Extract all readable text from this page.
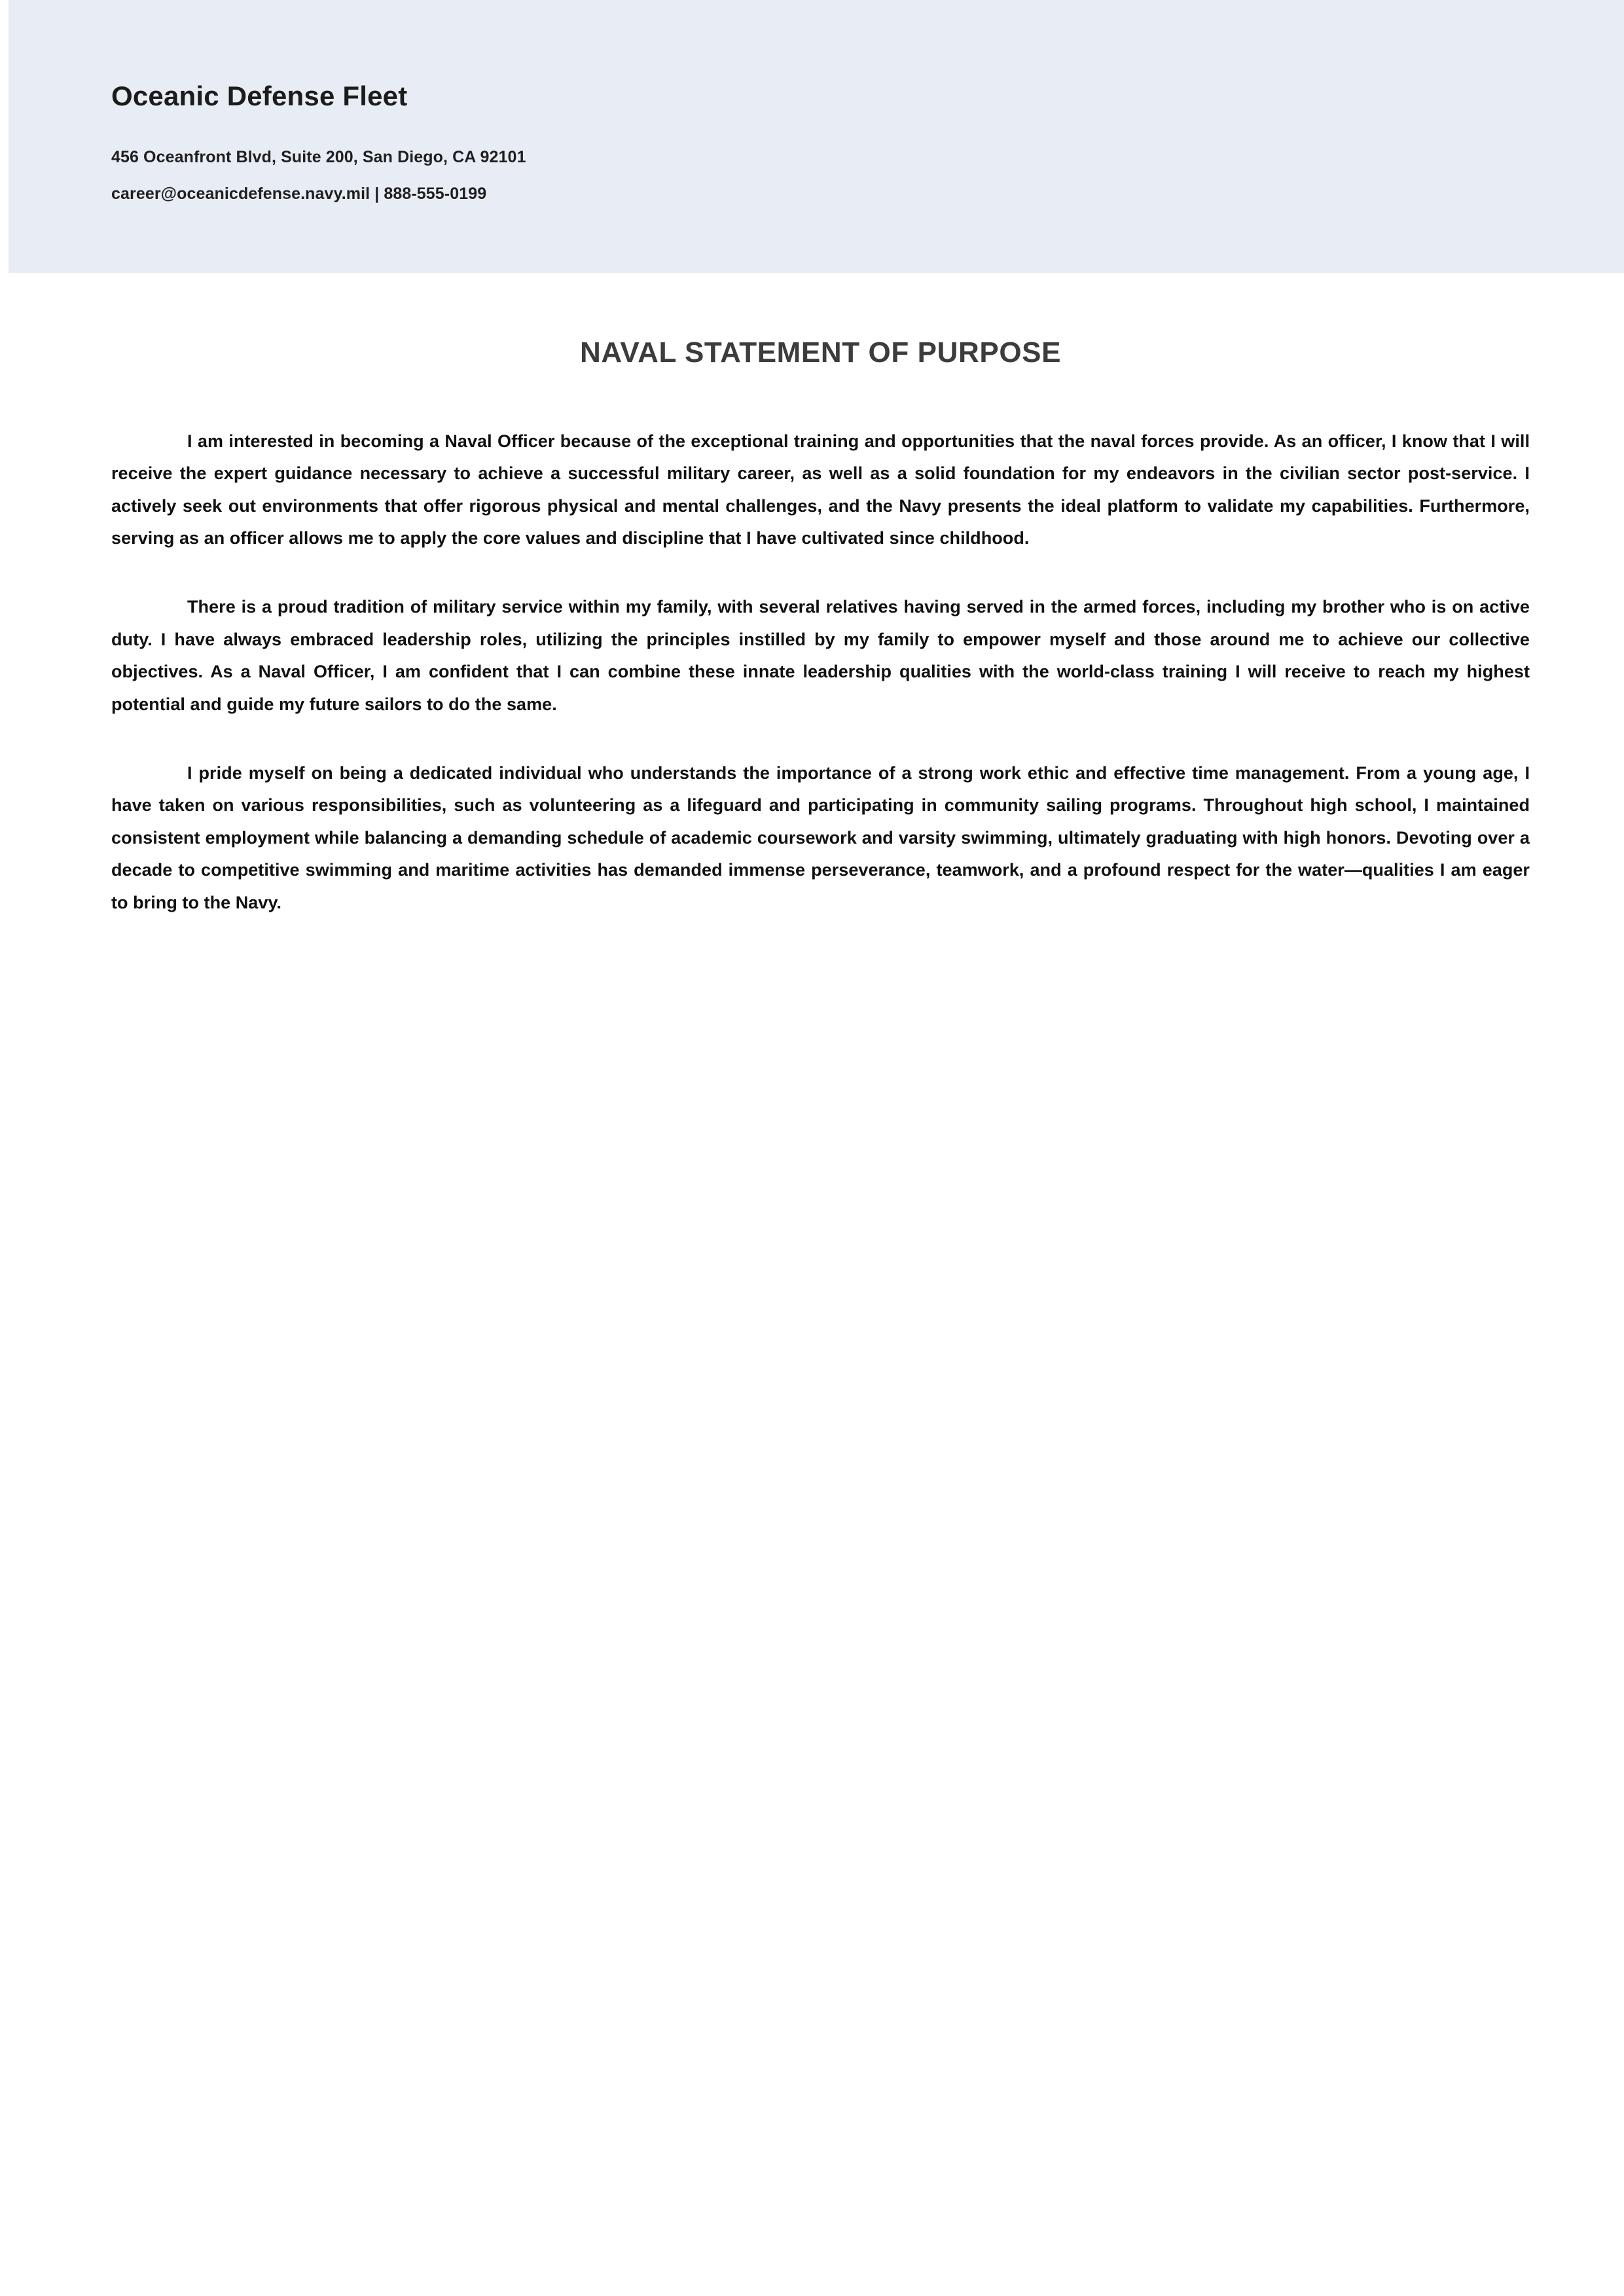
Oceanic Defense Fleet
456 Oceanfront Blvd, Suite 200, San Diego, CA 92101
career@oceanicdefense.navy.mil | 888-555-0199
NAVAL STATEMENT OF PURPOSE

I am interested in becoming a Naval Officer because of the exceptional training and opportunities that the naval forces provide. As an officer, I know that I will receive the expert guidance necessary to achieve a successful military career, as well as a solid foundation for my endeavors in the civilian sector post-service. I actively seek out environments that offer rigorous physical and mental challenges, and the Navy presents the ideal platform to validate my capabilities. Furthermore, serving as an officer allows me to apply the core values and discipline that I have cultivated since childhood.

There is a proud tradition of military service within my family, with several relatives having served in the armed forces, including my brother who is on active duty. I have always embraced leadership roles, utilizing the principles instilled by my family to empower myself and those around me to achieve our collective objectives. As a Naval Officer, I am confident that I can combine these innate leadership qualities with the world-class training I will receive to reach my highest potential and guide my future sailors to do the same.

I pride myself on being a dedicated individual who understands the importance of a strong work ethic and effective time management. From a young age, I have taken on various responsibilities, such as volunteering as a lifeguard and participating in community sailing programs. Throughout high school, I maintained consistent employment while balancing a demanding schedule of academic coursework and varsity swimming, ultimately graduating with high honors. Devoting over a decade to competitive swimming and maritime activities has demanded immense perseverance, teamwork, and a profound respect for the water—qualities I am eager to bring to the Navy.
